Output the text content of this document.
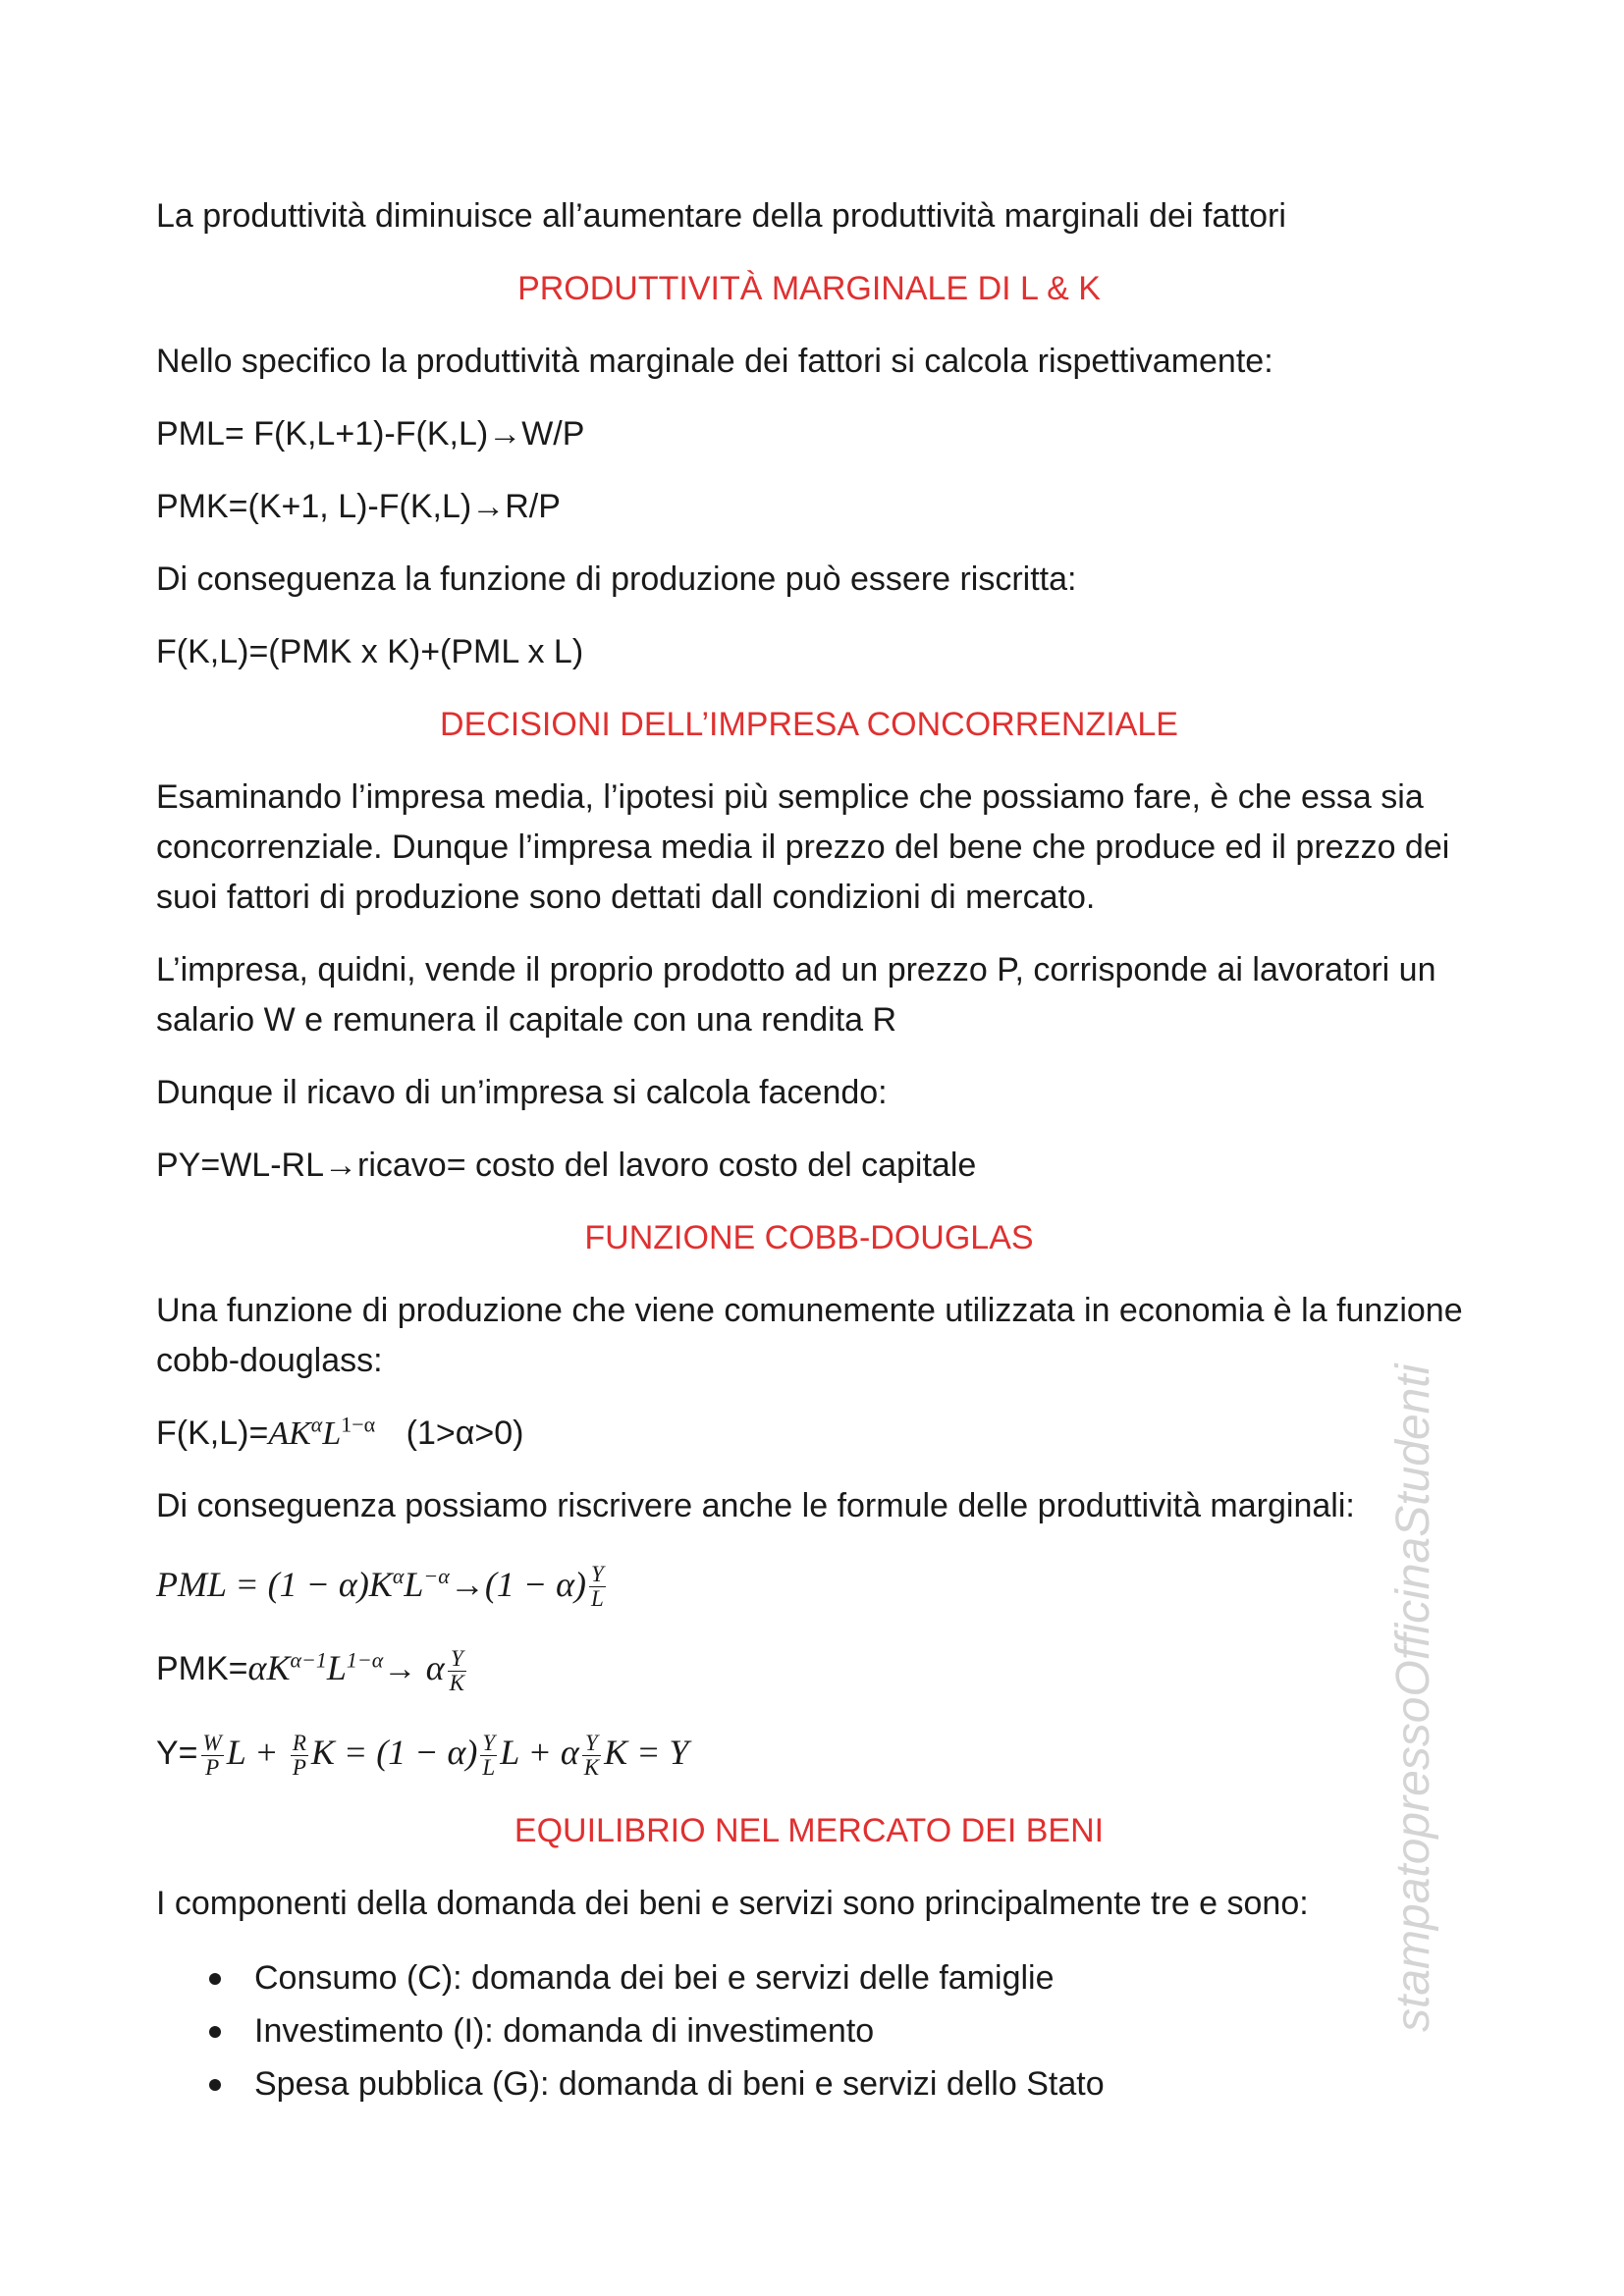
La produttività diminuisce all’aumentare della produttività marginali dei fattori

PRODUTTIVITÀ MARGINALE DI L & K

Nello specifico la produttività marginale dei fattori si calcola rispettivamente:

PML= F(K,L+1)-F(K,L)→W/P

PMK=(K+1, L)-F(K,L)→R/P

Di conseguenza la funzione di produzione può essere riscritta:

F(K,L)=(PMK x K)+(PML x L)

DECISIONI DELL’IMPRESA CONCORRENZIALE

Esaminando l’impresa media, l’ipotesi più semplice che possiamo fare, è che essa sia concorrenziale. Dunque l’impresa media il prezzo del bene che produce ed il prezzo dei suoi fattori di produzione sono dettati dall condizioni di mercato.

L’impresa, quidni, vende il proprio prodotto ad un prezzo P, corrisponde ai lavoratori un salario W e remunera il capitale con una rendita R

Dunque il ricavo di un’impresa si calcola facendo:

PY=WL-RL→ricavo= costo del lavoro costo del capitale

FUNZIONE COBB-DOUGLAS

Una funzione di produzione che viene comunemente utilizzata in economia è la funzione cobb-douglass:

$F(K,L)=AK^\alpha L^{1-\alpha}$ (1>α>0)

Di conseguenza possiamo riscrivere anche le formule delle produttività marginali:

PML = $(1 - \alpha)K^\alpha L^{-\alpha}\to(1 - \alpha) \frac{Y}{L}$

$PMK=\alpha K^{\alpha-1}L^{1-\alpha}\to \alpha \frac{Y}{K}$

$Y= \frac{W}{P}$ $L + \frac{R}{P}$ $K = (1 - \alpha) \frac{Y}{L}$ L + α $\frac{Y}{K}$ K = Y

EQUILIBRIO NEL MERCATO DEI BENI

I componenti della domanda dei beni e servizi sono principalmente tre e sono:

Consumo (C): domanda dei bei e servizi delle famiglie
Investimento (I): domanda di investimento
Spesa pubblica (G): domanda di beni e servizi dello Stato
stampatopressoOfficinaStudenti
